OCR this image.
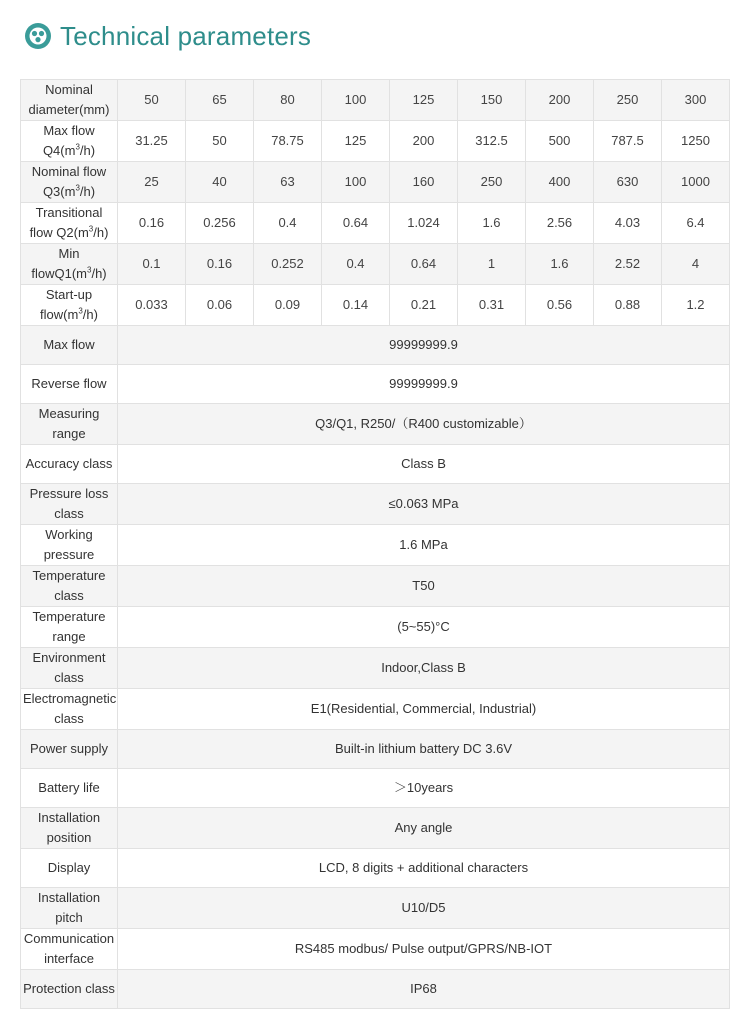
Technical parameters
Nominal diameter(mm)	50	65	80	100	125	150	200	250	300
Max flow $Q4(m^3/h)$	31.25	50	78.75	125	200	312.5	500	787.5	1250
Nominal flow $Q3(m^3/h)$	25	40	63	100	160	250	400	630	1000
Transitional flow $Q2(m^3/h)$	0.16	0.256	0.4	0.64	1.024	1.6	2.56	4.03	6.4
Min $flowQ1(m^3/h)$	0.1	0.16	0.252	0.4	0.64	1	1.6	2.52	4
Start-up $flow(m^3/h)$	0.033	0.06	0.09	0.14	0.21	0.31	0.56	0.88	1.2
Max flow	99999999.9								
Reverse flow	99999999.9								
Measuring range	Q3/Q1, R250/（R400 customizable）								
Accuracy class	Class B								
Pressure loss class	≤0.063 MPa								
Working pressure	1.6 MPa								
Temperature class	T50								
Temperature range	(5~55)°C								
Environment class	Indoor,Class B								
Electromagnetic class	E1(Residential, Commercial, Industrial)								
Power supply	Built-in lithium battery DC 3.6V								
Battery life	＞10years								
Installation position	Any angle								
Display	LCD, 8 digits + additional characters								
Installation pitch	U10/D5								
Communication interface	RS485 modbus/ Pulse output/GPRS/NB-IOT								
Protection class	IP68								
